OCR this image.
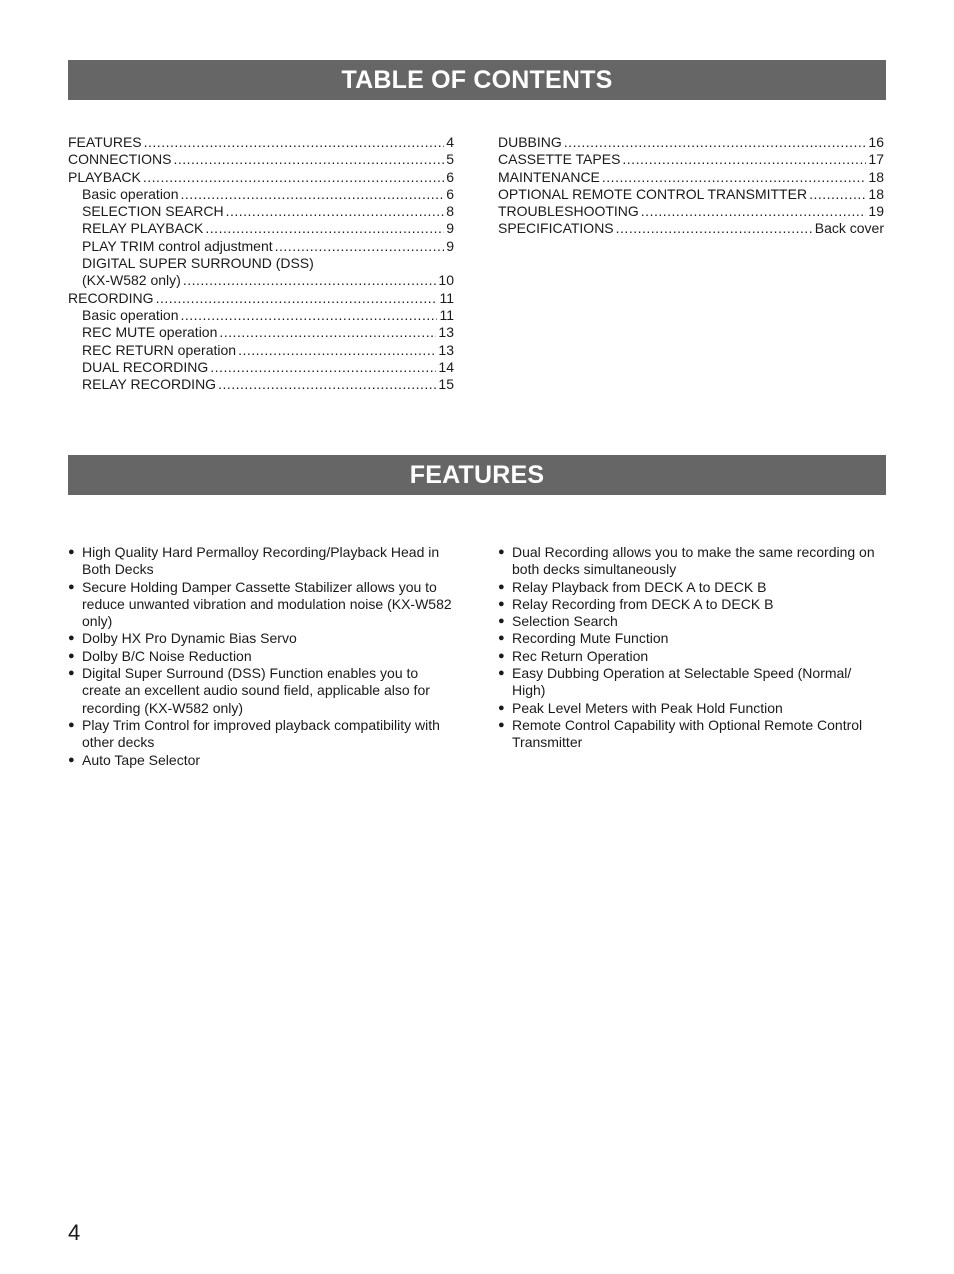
TABLE OF CONTENTS
FEATURES .....	4
CONNECTIONS .....	5
PLAYBACK .....	6
Basic operation .....	6
SELECTION SEARCH .....	8
RELAY PLAYBACK .....	9
PLAY TRIM control adjustment .....	9
DIGITAL SUPER SURROUND (DSS)
(KX-W582 only) .....	10
RECORDING .....	11
Basic operation .....	11
REC MUTE operation .....	13
REC RETURN operation .....	13
DUAL RECORDING .....	14
RELAY RECORDING .....	15
DUBBING .....	16
CASSETTE TAPES .....	17
MAINTENANCE .....	18
OPTIONAL REMOTE CONTROL TRANSMITTER .....	18
TROUBLESHOOTING .....	19
SPECIFICATIONS .....	Back cover
FEATURES
● High Quality Hard Permalloy Recording/Playback Head in Both Decks
● Secure Holding Damper Cassette Stabilizer allows you to reduce unwanted vibration and modulation noise (KX-W582 only)
● Dolby HX Pro Dynamic Bias Servo
● Dolby B/C Noise Reduction
● Digital Super Surround (DSS) Function enables you to create an excellent audio sound field, applicable also for recording (KX-W582 only)
● Play Trim Control for improved playback compatibility with other decks
● Auto Tape Selector
● Dual Recording allows you to make the same recording on both decks simultaneously
● Relay Playback from DECK A to DECK B
● Relay Recording from DECK A to DECK B
● Selection Search
● Recording Mute Function
● Rec Return Operation
● Easy Dubbing Operation at Selectable Speed (Normal/ High)
● Peak Level Meters with Peak Hold Function
● Remote Control Capability with Optional Remote Control Transmitter
4
